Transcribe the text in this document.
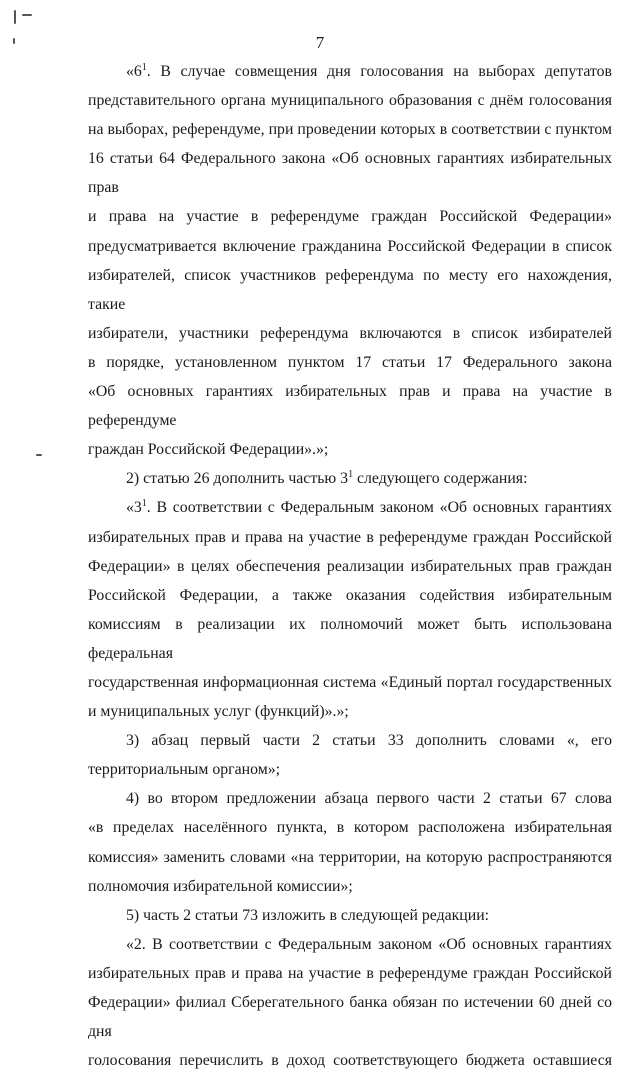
7
«$6^1$. В случае совмещения дня голосования на выборах депутатов
представительного органа муниципального образования с днём голосования
на выборах, референдуме, при проведении которых в соответствии с пунктом
16 статьи 64 Федерального закона «Об основных гарантиях избирательных прав
и права на участие в референдуме граждан Российской Федерации»
предусматривается включение гражданина Российской Федерации в список
избирателей, список участников референдума по месту его нахождения, такие
избиратели, участники референдума включаются в список избирателей
в порядке, установленном пунктом 17 статьи 17 Федерального закона
«Об основных гарантиях избирательных прав и права на участие в референдуме
граждан Российской Федерации».»;
2) статью 26 дополнить частью $3^1$ следующего содержания:
«$3^1$. В соответствии с Федеральным законом «Об основных гарантиях
избирательных прав и права на участие в референдуме граждан Российской
Федерации» в целях обеспечения реализации избирательных прав граждан
Российской Федерации, а также оказания содействия избирательным
комиссиям в реализации их полномочий может быть использована федеральная
государственная информационная система «Единый портал государственных
и муниципальных услуг (функций)».»;
3) абзац первый части 2 статьи 33 дополнить словами «, его
территориальным органом»;
4) во втором предложении абзаца первого части 2 статьи 67 слова
«в пределах населённого пункта, в котором расположена избирательная
комиссия» заменить словами «на территории, на которую распространяются
полномочия избирательной комиссии»;
5) часть 2 статьи 73 изложить в следующей редакции:
«2. В соответствии с Федеральным законом «Об основных гарантиях
избирательных прав и права на участие в референдуме граждан Российской
Федерации» филиал Сберегательного банка обязан по истечении 60 дней со дня
голосования перечислить в доход соответствующего бюджета оставшиеся
